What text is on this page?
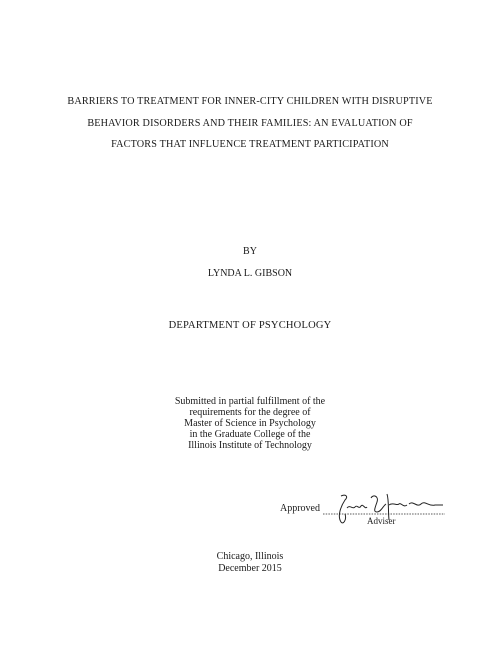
BARRIERS TO TREATMENT FOR INNER-CITY CHILDREN WITH DISRUPTIVE
BEHAVIOR DISORDERS AND THEIR FAMILIES: AN EVALUATION OF
FACTORS THAT INFLUENCE TREATMENT PARTICIPATION
BY
LYNDA L. GIBSON
DEPARTMENT OF PSYCHOLOGY
Submitted in partial fulfillment of the
requirements for the degree of
Master of Science in Psychology
in the Graduate College of the
Illinois Institute of Technology
Approved
Adviser
Chicago, Illinois
December 2015
